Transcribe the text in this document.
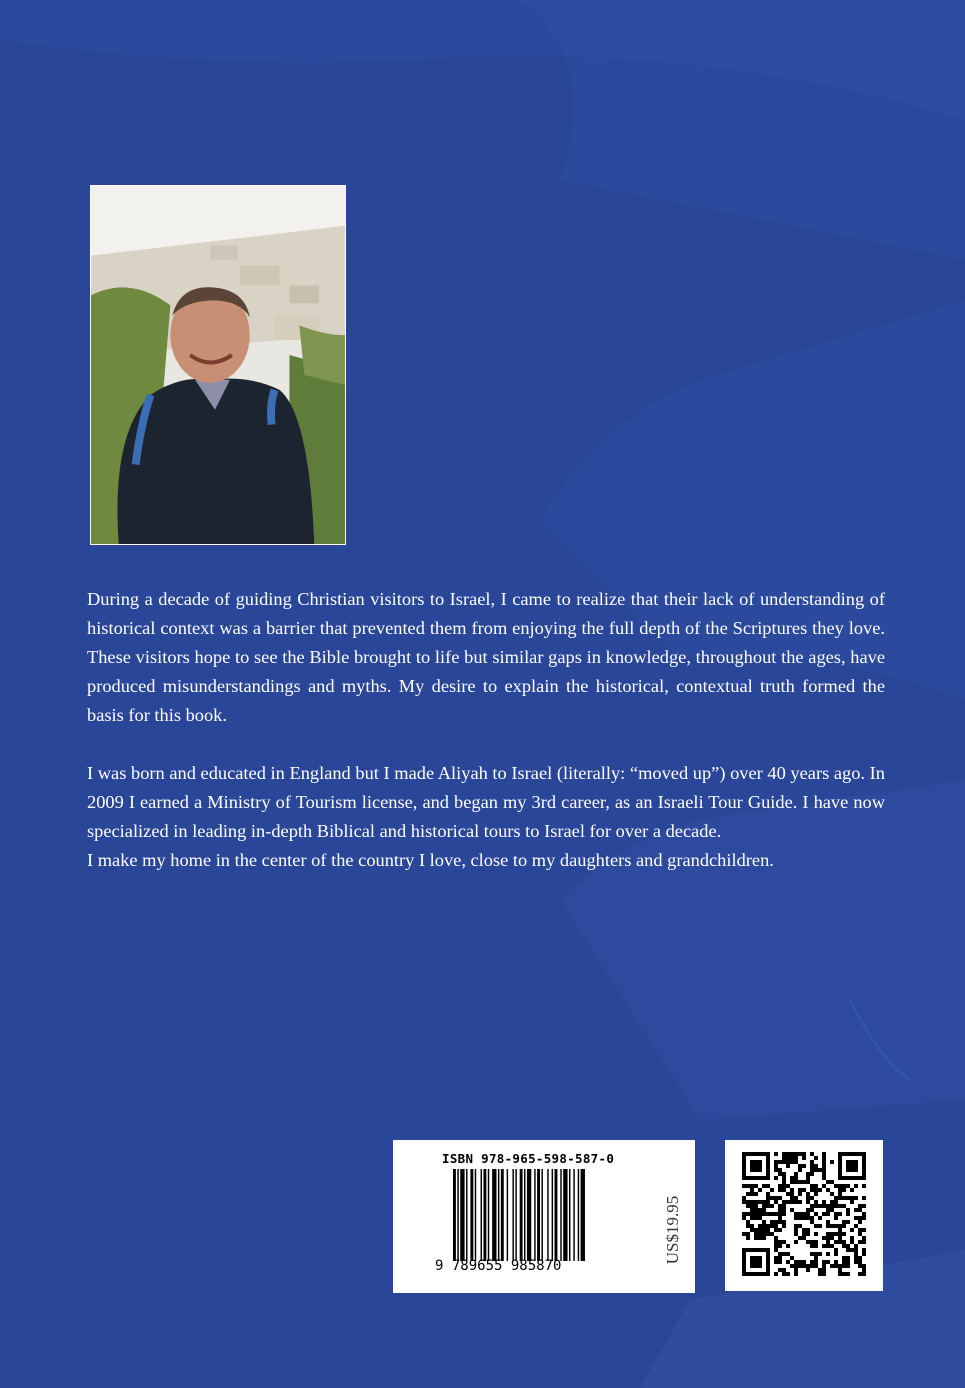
During a decade of guiding Christian visitors to Israel, I came to realize that their lack of understanding of historical context was a barrier that prevented them from enjoying the full depth of the Scriptures they love. These visitors hope to see the Bible brought to life but similar gaps in knowledge, throughout the ages, have produced misunderstandings and myths. My desire to explain the historical, contextual truth formed the basis for this book.

I was born and educated in England but I made Aliyah to Israel (literally: “moved up”) over 40 years ago. In 2009 I earned a Ministry of Tourism license, and began my 3rd career, as an Israeli Tour Guide. I have now specialized in leading in-depth Biblical and historical tours to Israel for over a decade.

I make my home in the center of the country I love, close to my daughters and grandchildren.

ISBN 978-965-598-587-0
9 789655 985870
US$19.95
